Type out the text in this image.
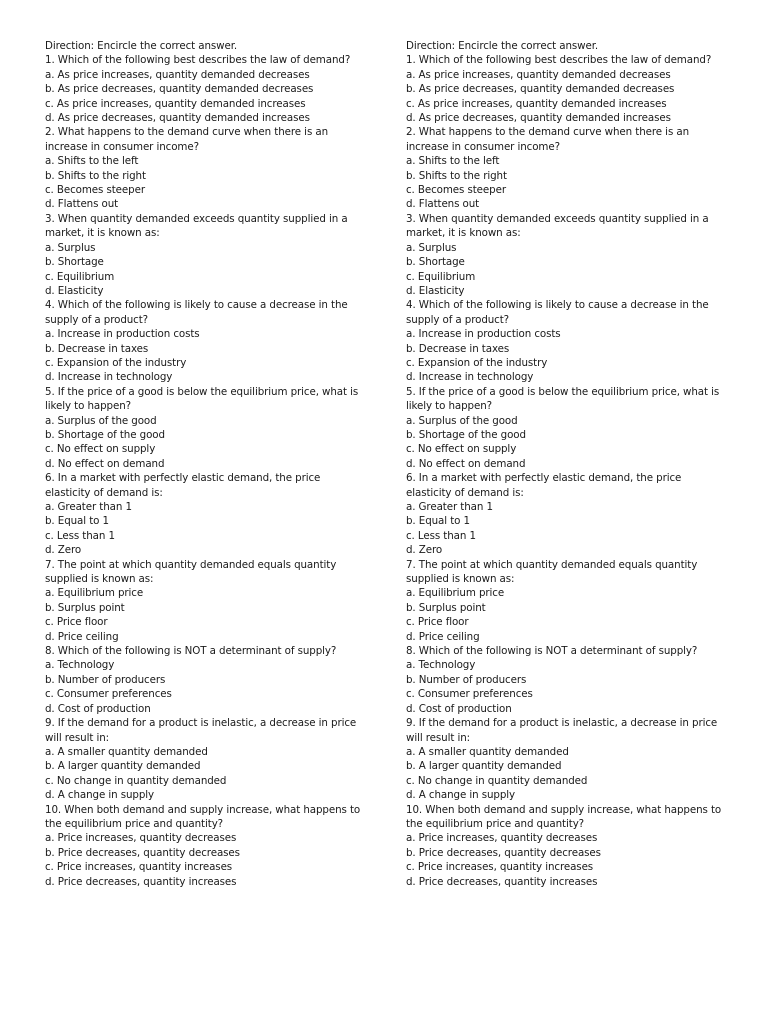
Direction: Encircle the correct answer.
1. Which of the following best describes the law of demand?
a. As price increases, quantity demanded decreases
b. As price decreases, quantity demanded decreases
c. As price increases, quantity demanded increases
d. As price decreases, quantity demanded increases
2. What happens to the demand curve when there is an
increase in consumer income?
a. Shifts to the left
b. Shifts to the right
c. Becomes steeper
d. Flattens out
3. When quantity demanded exceeds quantity supplied in a
market, it is known as:
a. Surplus
b. Shortage
c. Equilibrium
d. Elasticity
4. Which of the following is likely to cause a decrease in the
supply of a product?
a. Increase in production costs
b. Decrease in taxes
c. Expansion of the industry
d. Increase in technology
5. If the price of a good is below the equilibrium price, what is
likely to happen?
a. Surplus of the good
b. Shortage of the good
c. No effect on supply
d. No effect on demand
6. In a market with perfectly elastic demand, the price
elasticity of demand is:
a. Greater than 1
b. Equal to 1
c. Less than 1
d. Zero
7. The point at which quantity demanded equals quantity
supplied is known as:
a. Equilibrium price
b. Surplus point
c. Price floor
d. Price ceiling
8. Which of the following is NOT a determinant of supply?
a. Technology
b. Number of producers
c. Consumer preferences
d. Cost of production
9. If the demand for a product is inelastic, a decrease in price
will result in:
a. A smaller quantity demanded
b. A larger quantity demanded
c. No change in quantity demanded
d. A change in supply
10. When both demand and supply increase, what happens to
the equilibrium price and quantity?
a. Price increases, quantity decreases
b. Price decreases, quantity decreases
c. Price increases, quantity increases
d. Price decreases, quantity increases
Direction: Encircle the correct answer.
1. Which of the following best describes the law of demand?
a. As price increases, quantity demanded decreases
b. As price decreases, quantity demanded decreases
c. As price increases, quantity demanded increases
d. As price decreases, quantity demanded increases
2. What happens to the demand curve when there is an
increase in consumer income?
a. Shifts to the left
b. Shifts to the right
c. Becomes steeper
d. Flattens out
3. When quantity demanded exceeds quantity supplied in a
market, it is known as:
a. Surplus
b. Shortage
c. Equilibrium
d. Elasticity
4. Which of the following is likely to cause a decrease in the
supply of a product?
a. Increase in production costs
b. Decrease in taxes
c. Expansion of the industry
d. Increase in technology
5. If the price of a good is below the equilibrium price, what is
likely to happen?
a. Surplus of the good
b. Shortage of the good
c. No effect on supply
d. No effect on demand
6. In a market with perfectly elastic demand, the price
elasticity of demand is:
a. Greater than 1
b. Equal to 1
c. Less than 1
d. Zero
7. The point at which quantity demanded equals quantity
supplied is known as:
a. Equilibrium price
b. Surplus point
c. Price floor
d. Price ceiling
8. Which of the following is NOT a determinant of supply?
a. Technology
b. Number of producers
c. Consumer preferences
d. Cost of production
9. If the demand for a product is inelastic, a decrease in price
will result in:
a. A smaller quantity demanded
b. A larger quantity demanded
c. No change in quantity demanded
d. A change in supply
10. When both demand and supply increase, what happens to
the equilibrium price and quantity?
a. Price increases, quantity decreases
b. Price decreases, quantity decreases
c. Price increases, quantity increases
d. Price decreases, quantity increases
